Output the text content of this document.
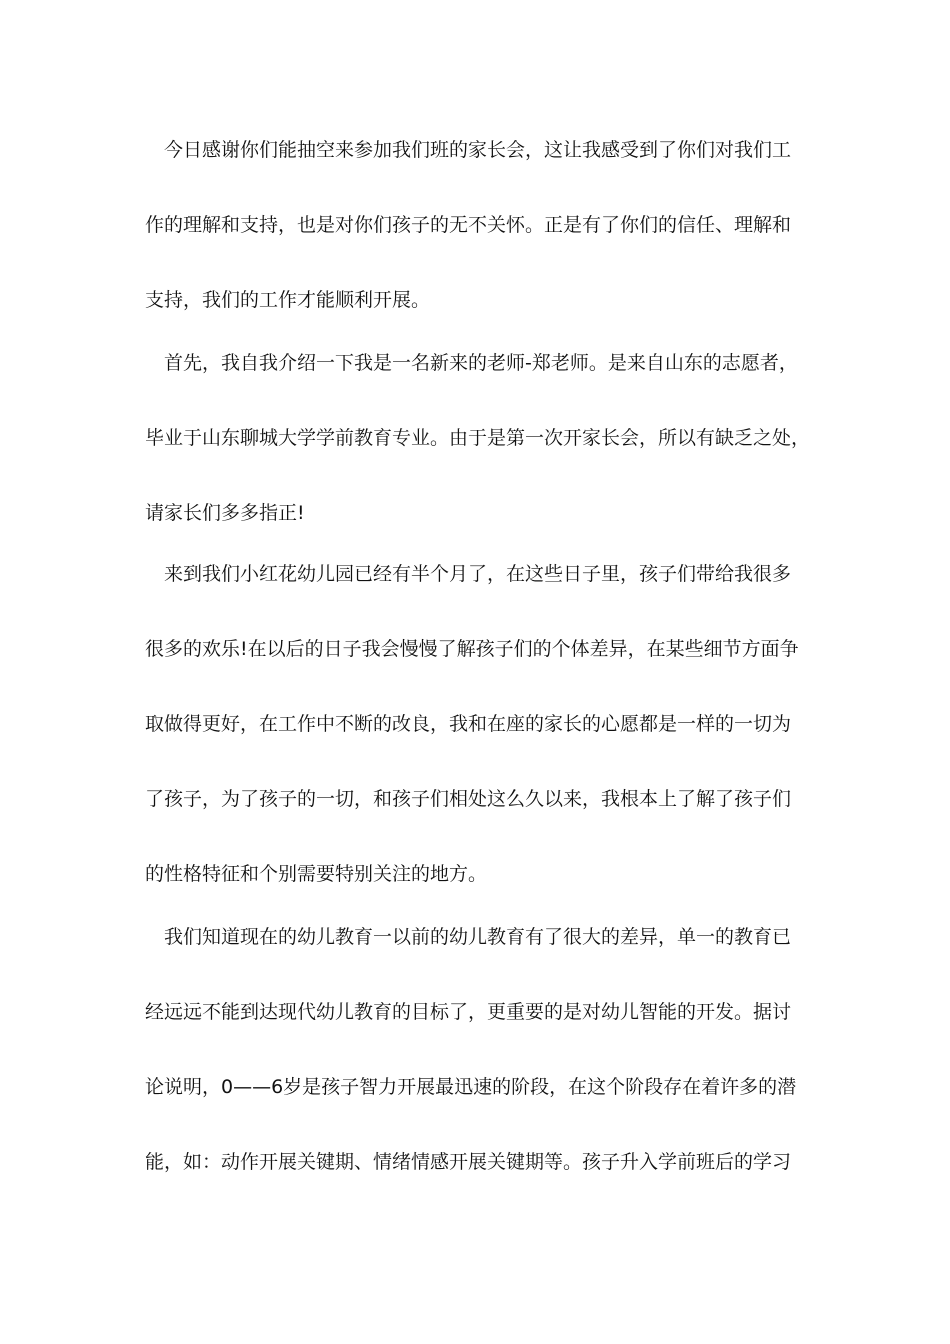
今日感谢你们能抽空来参加我们班的家长会，这让我感受到了你们对我们工
作的理解和支持，也是对你们孩子的无不关怀。正是有了你们的信任、理解和
支持，我们的工作才能顺利开展。
首先，我自我介绍一下我是一名新来的老师-郑老师。是来自山东的志愿者，
毕业于山东聊城大学学前教育专业。由于是第一次开家长会，所以有缺乏之处，
请家长们多多指正!
来到我们小红花幼儿园已经有半个月了，在这些日子里，孩子们带给我很多
很多的欢乐!在以后的日子我会慢慢了解孩子们的个体差异，在某些细节方面争
取做得更好，在工作中不断的改良，我和在座的家长的心愿都是一样的一切为
了孩子，为了孩子的一切，和孩子们相处这么久以来，我根本上了解了孩子们
的性格特征和个别需要特别关注的地方。
我们知道现在的幼儿教育一以前的幼儿教育有了很大的差异，单一的教育已
经远远不能到达现代幼儿教育的目标了，更重要的是对幼儿智能的开发。据讨
论说明，0——6岁是孩子智力开展最迅速的阶段，在这个阶段存在着许多的潜
能，如：动作开展关键期、情绪情感开展关键期等。孩子升入学前班后的学习
